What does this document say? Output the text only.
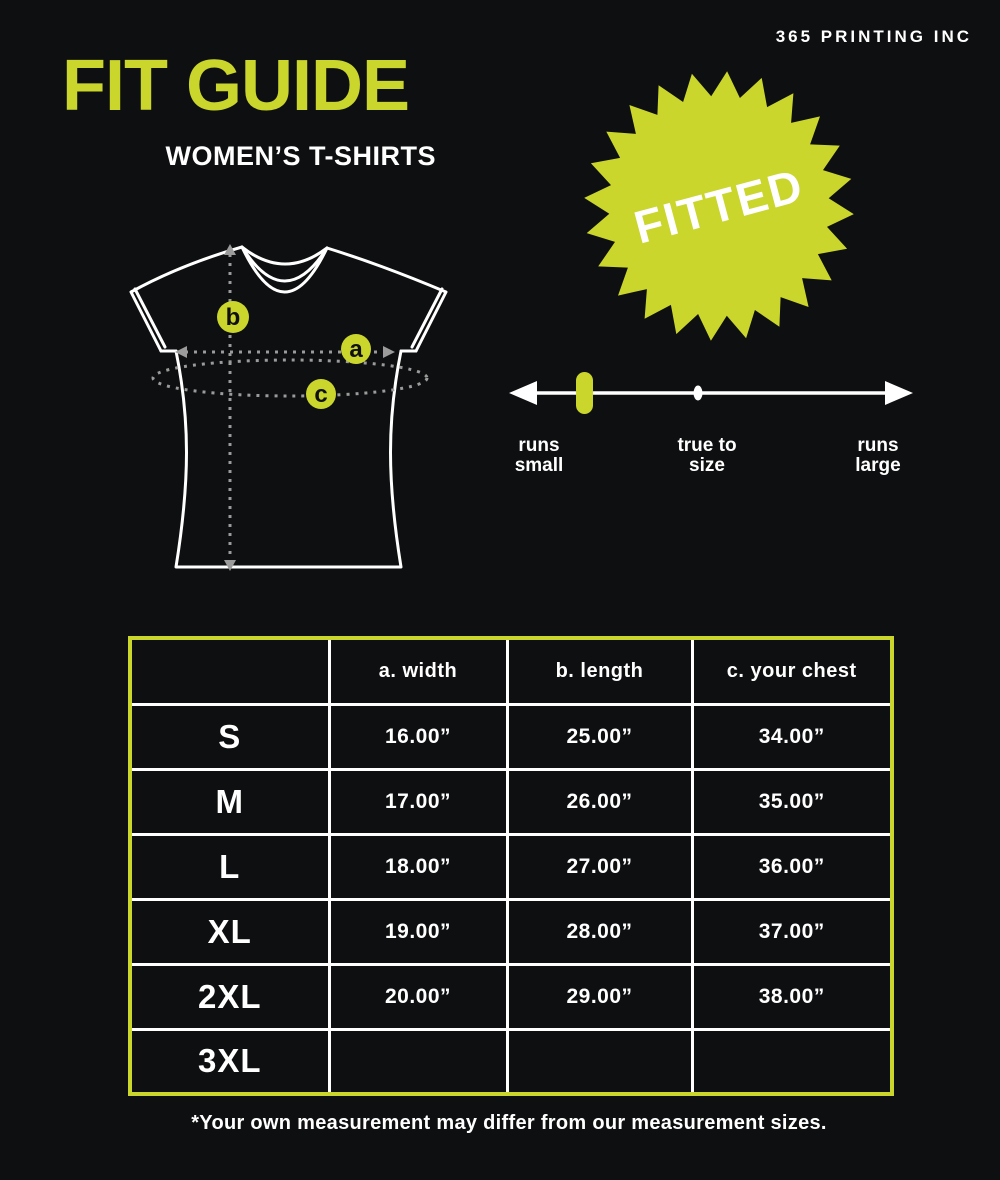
365 PRINTING INC
FIT GUIDE
WOMEN’S T-SHIRTS
FITTED
b
a
c
runs
small
true to
size
runs
large
	a. width	b. length	c. your chest
S	16.00”	25.00”	34.00”
M	17.00”	26.00”	35.00”
L	18.00”	27.00”	36.00”
XL	19.00”	28.00”	37.00”
2XL	20.00”	29.00”	38.00”
3XL			
*Your own measurement may differ from our measurement sizes.
